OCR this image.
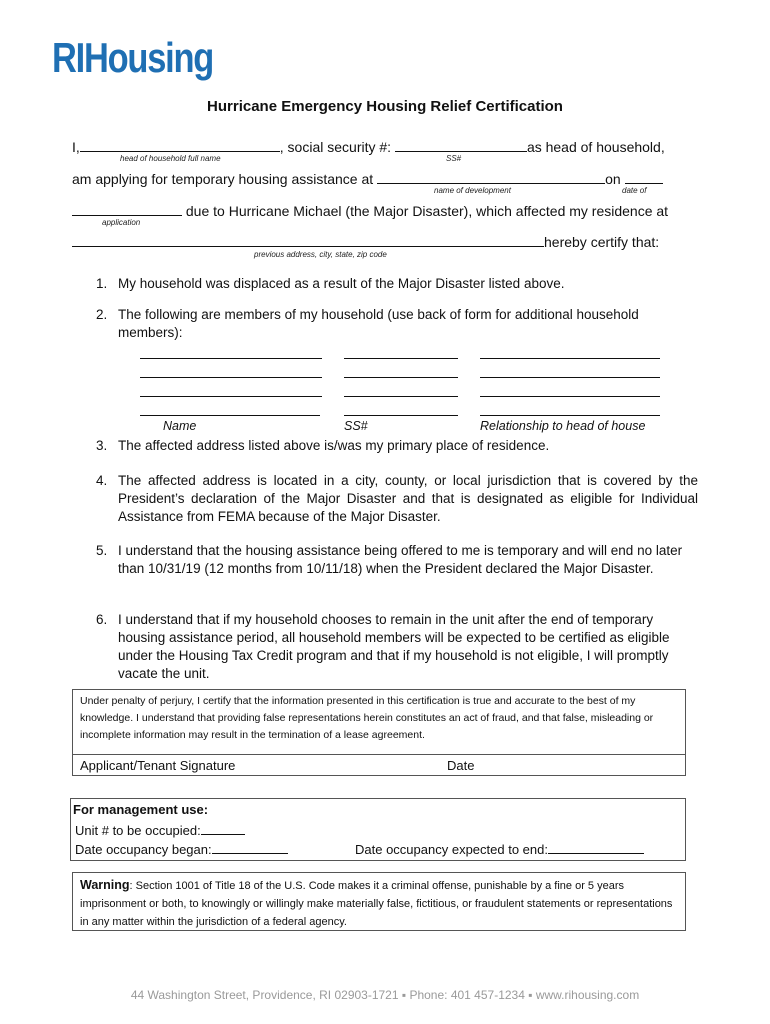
RIHousing
Hurricane Emergency Housing Relief Certification
I,	, social security #:	as head of household,
head of household full name	SS#
am applying for temporary housing assistance at	on
name of development	date of
due to Hurricane Michael (the Major Disaster), which affected my residence at
application
hereby certify that:
previous address, city, state, zip code
1. My household was displaced as a result of the Major Disaster listed above.
2. The following are members of my household (use back of form for additional household members):
Name	SS#	Relationship to head of house
3. The affected address listed above is/was my primary place of residence.
4. The affected address is located in a city, county, or local jurisdiction that is covered by the President’s declaration of the Major Disaster and that is designated as eligible for Individual Assistance from FEMA because of the Major Disaster.
5. I understand that the housing assistance being offered to me is temporary and will end no later than 10/31/19 (12 months from 10/11/18) when the President declared the Major Disaster.
6. I understand that if my household chooses to remain in the unit after the end of temporary housing assistance period, all household members will be expected to be certified as eligible under the Housing Tax Credit program and that if my household is not eligible, I will promptly vacate the unit.
Under penalty of perjury, I certify that the information presented in this certification is true and accurate to the best of my knowledge. I understand that providing false representations herein constitutes an act of fraud, and that false, misleading or incomplete information may result in the termination of a lease agreement.
Applicant/Tenant Signature	Date
For management use:
Unit # to be occupied:
Date occupancy began:	Date occupancy expected to end:
Warning: Section 1001 of Title 18 of the U.S. Code makes it a criminal offense, punishable by a fine or 5 years imprisonment or both, to knowingly or willingly make materially false, fictitious, or fraudulent statements or representations in any matter within the jurisdiction of a federal agency.
44 Washington Street, Providence, RI 02903-1721 ▪ Phone: 401 457-1234 ▪ www.rihousing.com
